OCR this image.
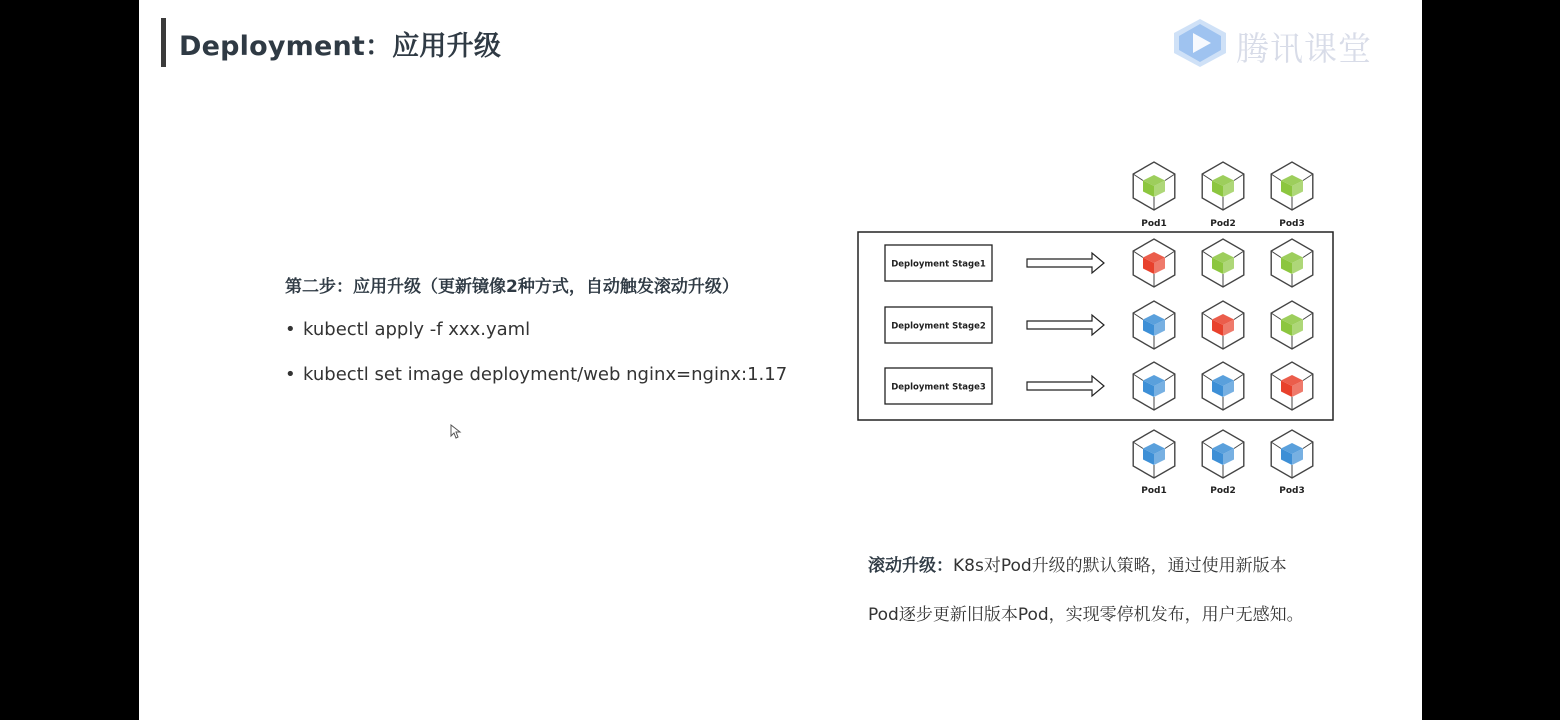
Deployment：应用升级	腾讯课堂
第二步：应用升级（更新镜像2种方式，自动触发滚动升级）
• kubectl apply -f xxx.yaml
• kubectl set image deployment/web nginx=nginx:1.17
Pod1	Pod2	Pod3
Deployment Stage1
Deployment Stage2
Deployment Stage3
Pod1	Pod2	Pod3
滚动升级：K8s对Pod升级的默认策略，通过使用新版本
Pod逐步更新旧版本Pod，实现零停机发布，用户无感知。
